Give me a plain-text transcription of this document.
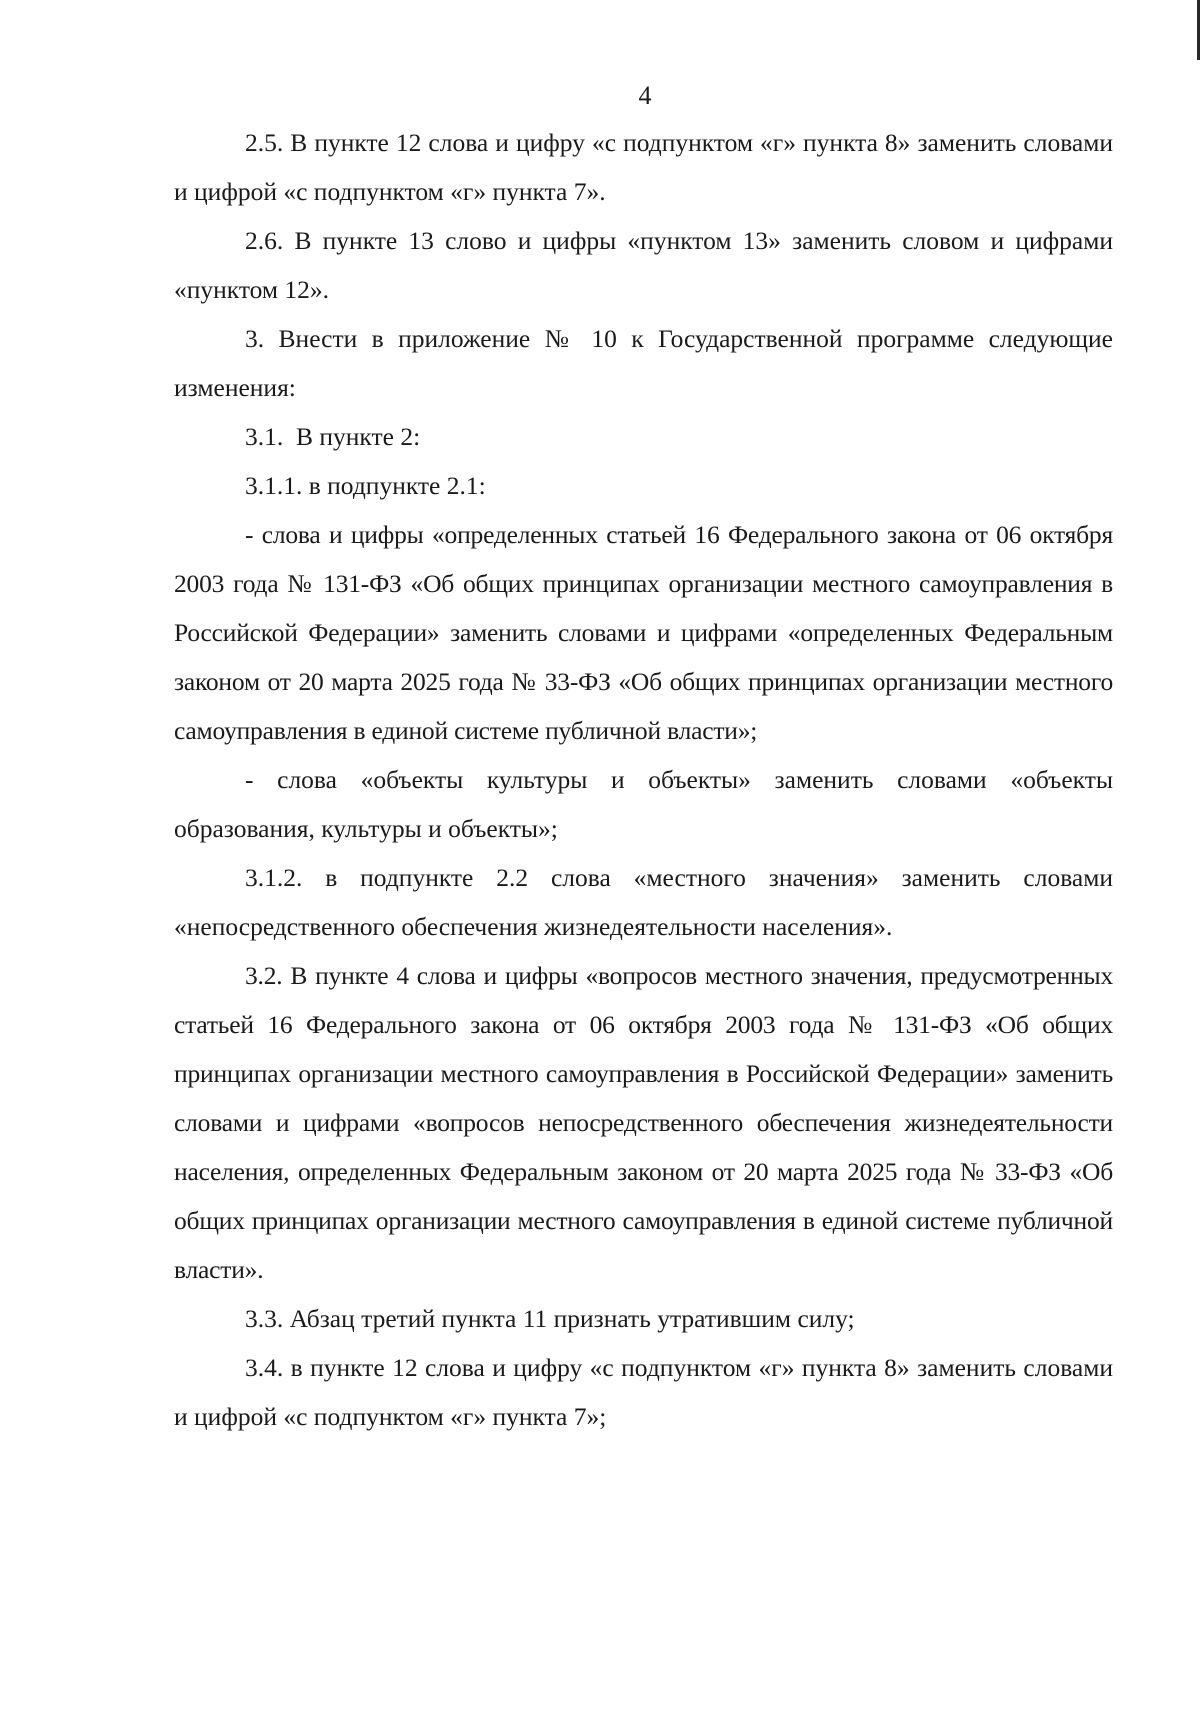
4

2.5. В пункте 12 слова и цифру «с подпунктом «г» пункта 8» заменить словами и цифрой «с подпунктом «г» пункта 7».

2.6. В пункте 13 слово и цифры «пунктом 13» заменить словом и цифрами «пунктом 12».

3. Внести в приложение № 10 к Государственной программе следующие изменения:

3.1.  В пункте 2:

3.1.1. в подпункте 2.1:

- слова и цифры «определенных статьей 16 Федерального закона от 06 октября 2003 года № 131-ФЗ «Об общих принципах организации местного самоуправления в Российской Федерации» заменить словами и цифрами «определенных Федеральным законом от 20 марта 2025 года № 33-ФЗ «Об общих принципах организации местного самоуправления в единой системе публичной власти»;

- слова «объекты культуры и объекты» заменить словами «объекты образования, культуры и объекты»;

3.1.2. в подпункте 2.2 слова «местного значения» заменить словами «непосредственного обеспечения жизнедеятельности населения».

3.2. В пункте 4 слова и цифры «вопросов местного значения, предусмотренных статьей 16 Федерального закона от 06 октября 2003 года № 131-ФЗ «Об общих принципах организации местного самоуправления в Российской Федерации» заменить словами и цифрами «вопросов непосредственного обеспечения жизнедеятельности населения, определенных Федеральным законом от 20 марта 2025 года № 33-ФЗ «Об общих принципах организации местного самоуправления в единой системе публичной власти».

3.3. Абзац третий пункта 11 признать утратившим силу;

3.4. в пункте 12 слова и цифру «с подпунктом «г» пункта 8» заменить словами и цифрой «с подпунктом «г» пункта 7»;
